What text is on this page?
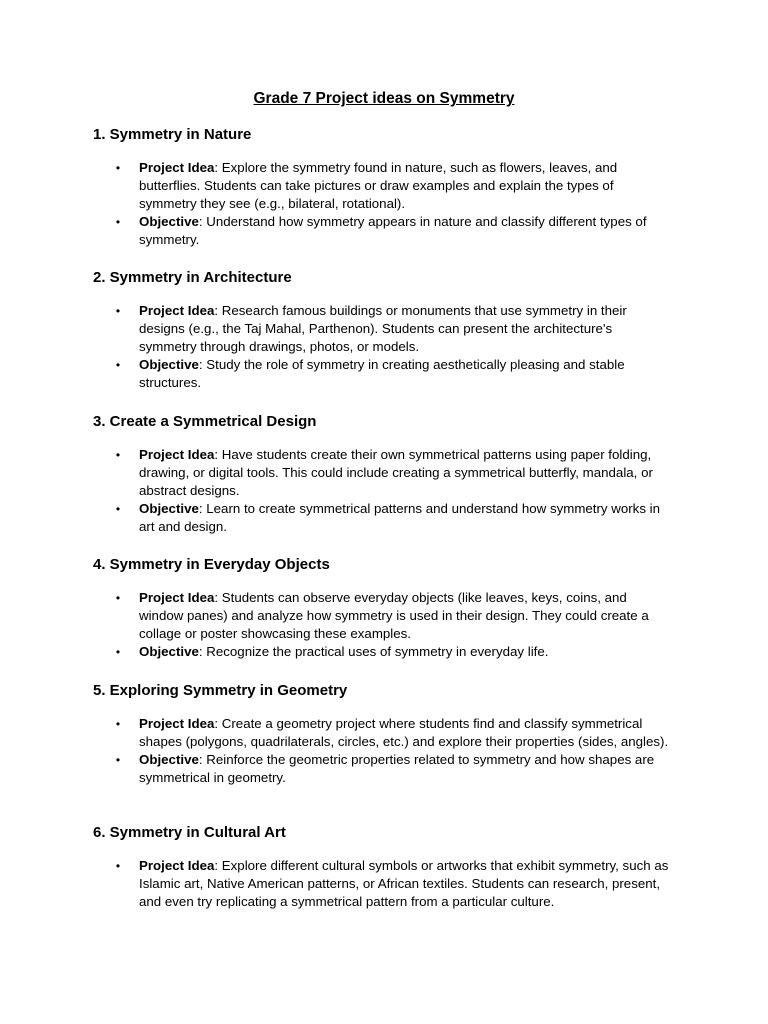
Grade 7 Project ideas on Symmetry
1. Symmetry in Nature
• Project Idea: Explore the symmetry found in nature, such as flowers, leaves, and butterflies. Students can take pictures or draw examples and explain the types of symmetry they see (e.g., bilateral, rotational).
• Objective: Understand how symmetry appears in nature and classify different types of symmetry.
2. Symmetry in Architecture
• Project Idea: Research famous buildings or monuments that use symmetry in their designs (e.g., the Taj Mahal, Parthenon). Students can present the architecture's symmetry through drawings, photos, or models.
• Objective: Study the role of symmetry in creating aesthetically pleasing and stable structures.
3. Create a Symmetrical Design
• Project Idea: Have students create their own symmetrical patterns using paper folding, drawing, or digital tools. This could include creating a symmetrical butterfly, mandala, or abstract designs.
• Objective: Learn to create symmetrical patterns and understand how symmetry works in art and design.
4. Symmetry in Everyday Objects
• Project Idea: Students can observe everyday objects (like leaves, keys, coins, and window panes) and analyze how symmetry is used in their design. They could create a collage or poster showcasing these examples.
• Objective: Recognize the practical uses of symmetry in everyday life.
5. Exploring Symmetry in Geometry
• Project Idea: Create a geometry project where students find and classify symmetrical shapes (polygons, quadrilaterals, circles, etc.) and explore their properties (sides, angles).
• Objective: Reinforce the geometric properties related to symmetry and how shapes are symmetrical in geometry.
6. Symmetry in Cultural Art
• Project Idea: Explore different cultural symbols or artworks that exhibit symmetry, such as Islamic art, Native American patterns, or African textiles. Students can research, present, and even try replicating a symmetrical pattern from a particular culture.
